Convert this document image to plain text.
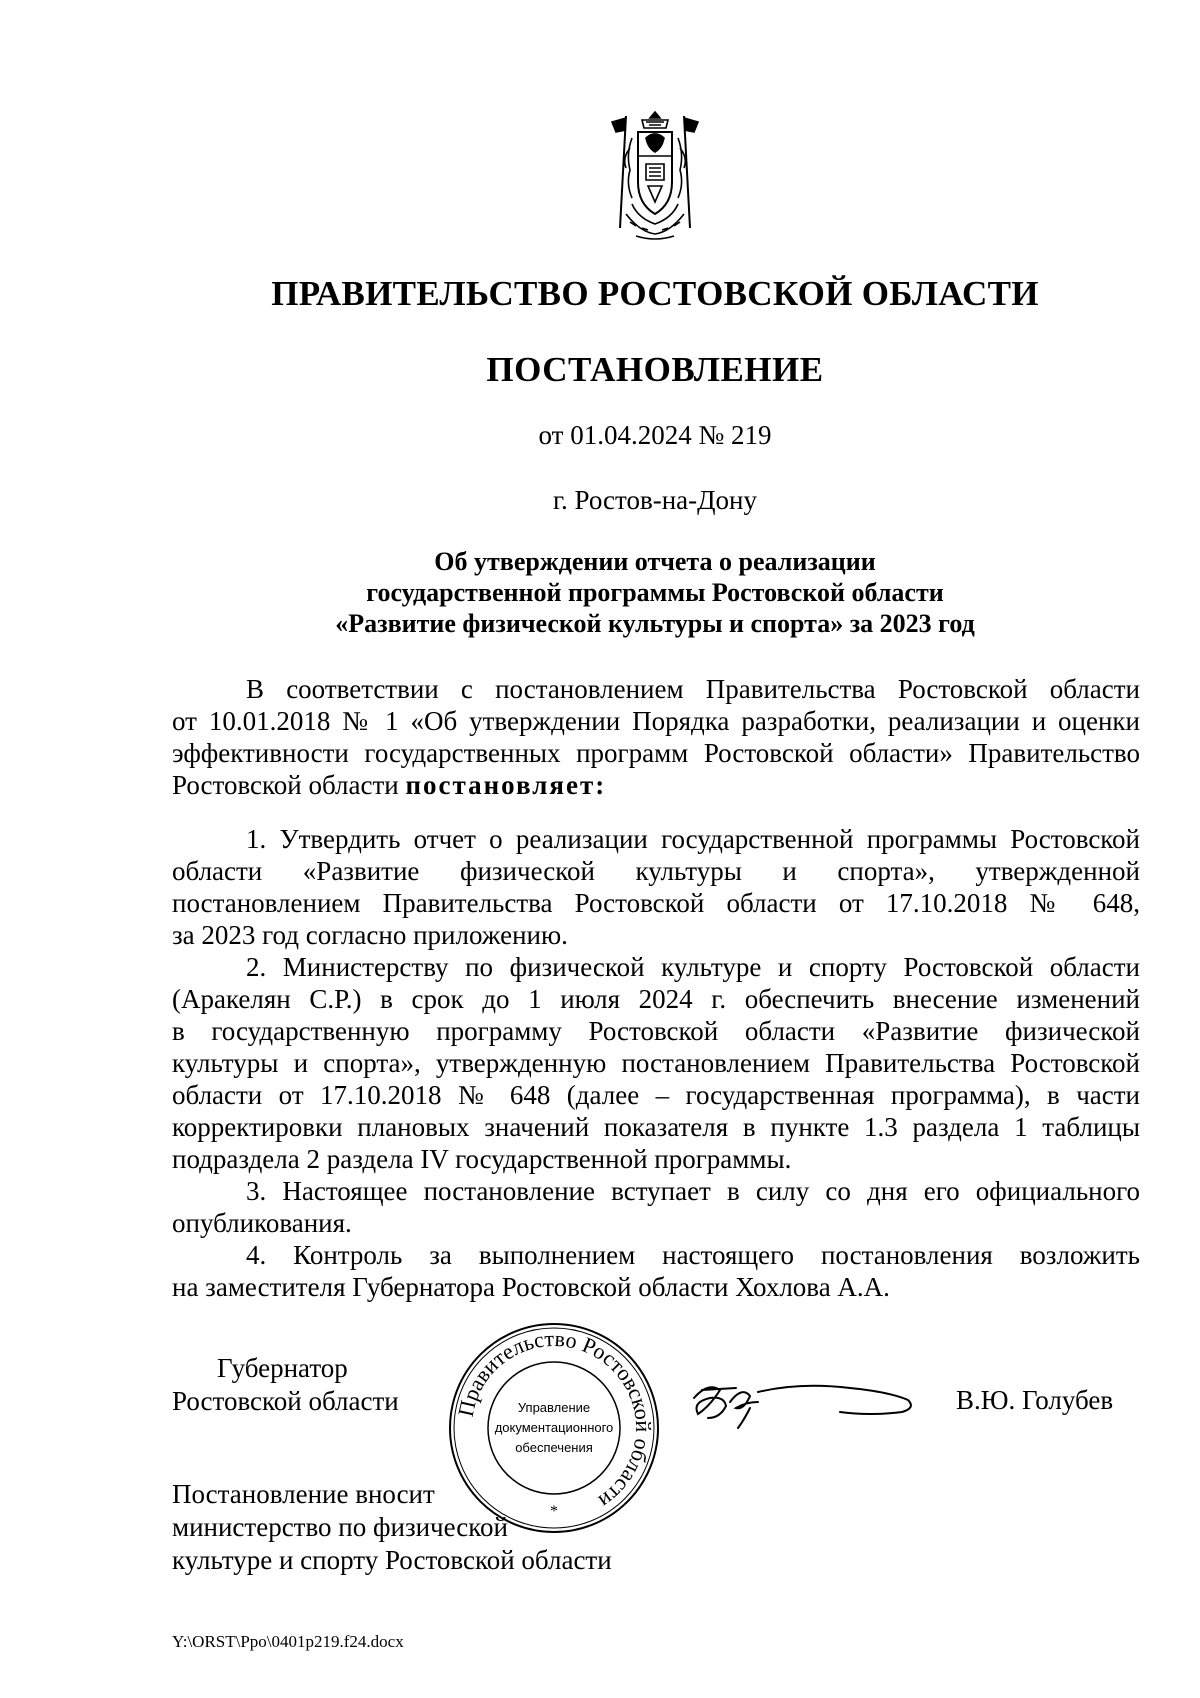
ПРАВИТЕЛЬСТВО РОСТОВСКОЙ ОБЛАСТИ
ПОСТАНОВЛЕНИЕ
от 01.04.2024 № 219
г. Ростов-на-Дону
Об утверждении отчета о реализации
государственной программы Ростовской области
«Развитие физической культуры и спорта» за 2023 год
В соответствии с постановлением Правительства Ростовской области
от 10.01.2018 № 1 «Об утверждении Порядка разработки, реализации и оценки
эффективности государственных программ Ростовской области» Правительство
Ростовской области постановляет:
1. Утвердить отчет о реализации государственной программы Ростовской
области «Развитие физической культуры и спорта», утвержденной
постановлением Правительства Ростовской области от 17.10.2018 № 648,
за 2023 год согласно приложению.
2. Министерству по физической культуре и спорту Ростовской области
(Аракелян С.Р.) в срок до 1 июля 2024 г. обеспечить внесение изменений
в государственную программу Ростовской области «Развитие физической
культуры и спорта», утвержденную постановлением Правительства Ростовской
области от 17.10.2018 № 648 (далее – государственная программа), в части
корректировки плановых значений показателя в пункте 1.3 раздела 1 таблицы
подраздела 2 раздела IV государственной программы.
3. Настоящее постановление вступает в силу со дня его официального
опубликования.
4. Контроль за выполнением настоящего постановления возложить
на заместителя Губернатора Ростовской области Хохлова А.А.
Губернатор
Ростовской области Правительство Ростовской области
Управление
документационного
обеспечения
*
В.Ю. Голубев
Постановление вносит
министерство по физической
культуре и спорту Ростовской области
Y:\ORST\Ppo\0401p219.f24.docx
